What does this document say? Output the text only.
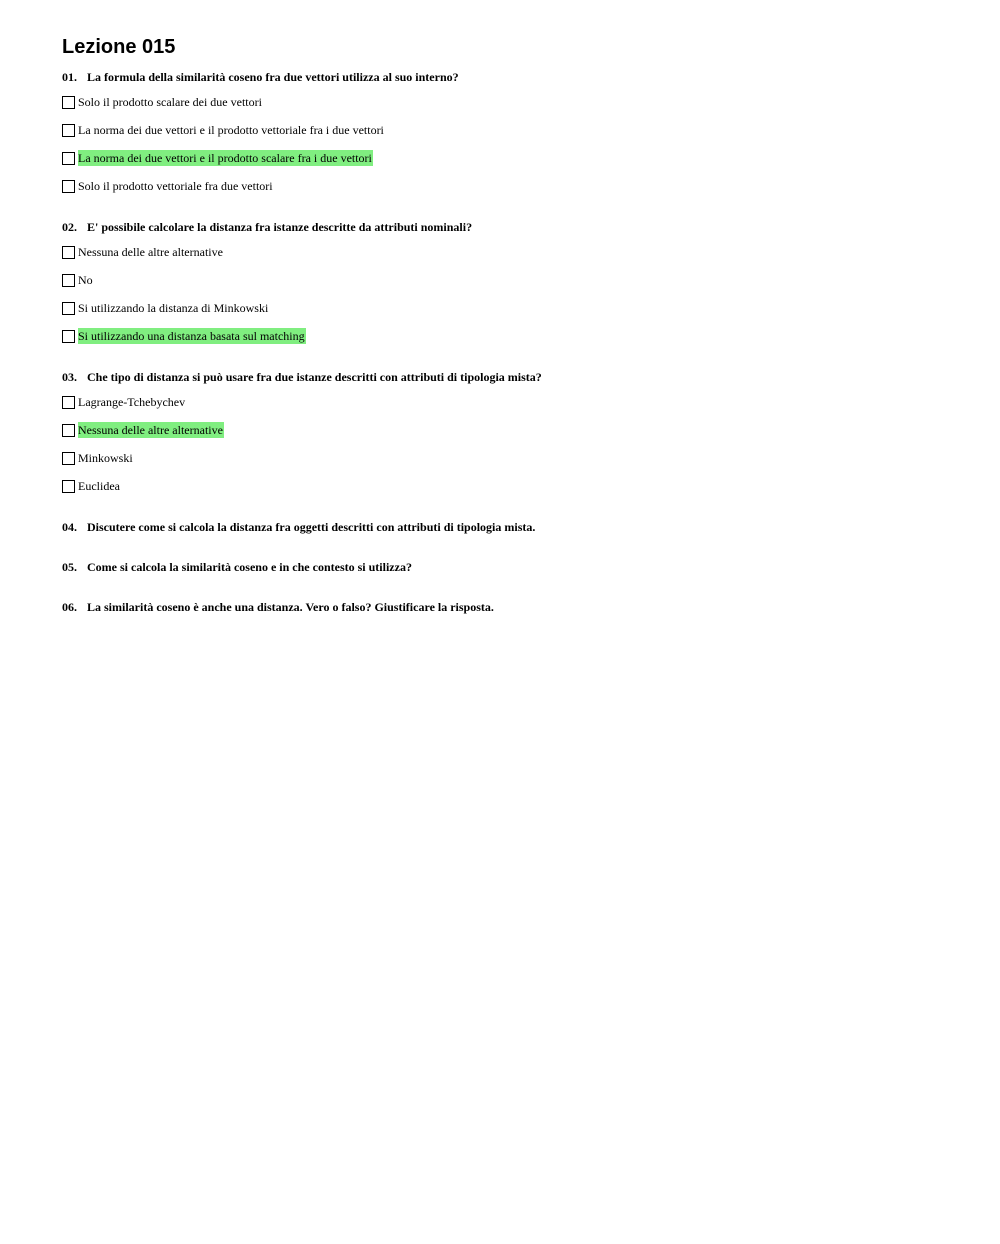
Lezione 015

01. La formula della similarità coseno fra due vettori utilizza al suo interno?

Solo il prodotto scalare dei due vettori
La norma dei due vettori e il prodotto vettoriale fra i due vettori
La norma dei due vettori e il prodotto scalare fra i due vettori
Solo il prodotto vettoriale fra due vettori

02. E' possibile calcolare la distanza fra istanze descritte da attributi nominali?

Nessuna delle altre alternative
No
Si utilizzando la distanza di Minkowski
Si utilizzando una distanza basata sul matching

03. Che tipo di distanza si può usare fra due istanze descritti con attributi di tipologia mista?

Lagrange-Tchebychev
Nessuna delle altre alternative
Minkowski
Euclidea

04. Discutere come si calcola la distanza fra oggetti descritti con attributi di tipologia mista.

05. Come si calcola la similarità coseno e in che contesto si utilizza?

06. La similarità coseno è anche una distanza. Vero o falso? Giustificare la risposta.
